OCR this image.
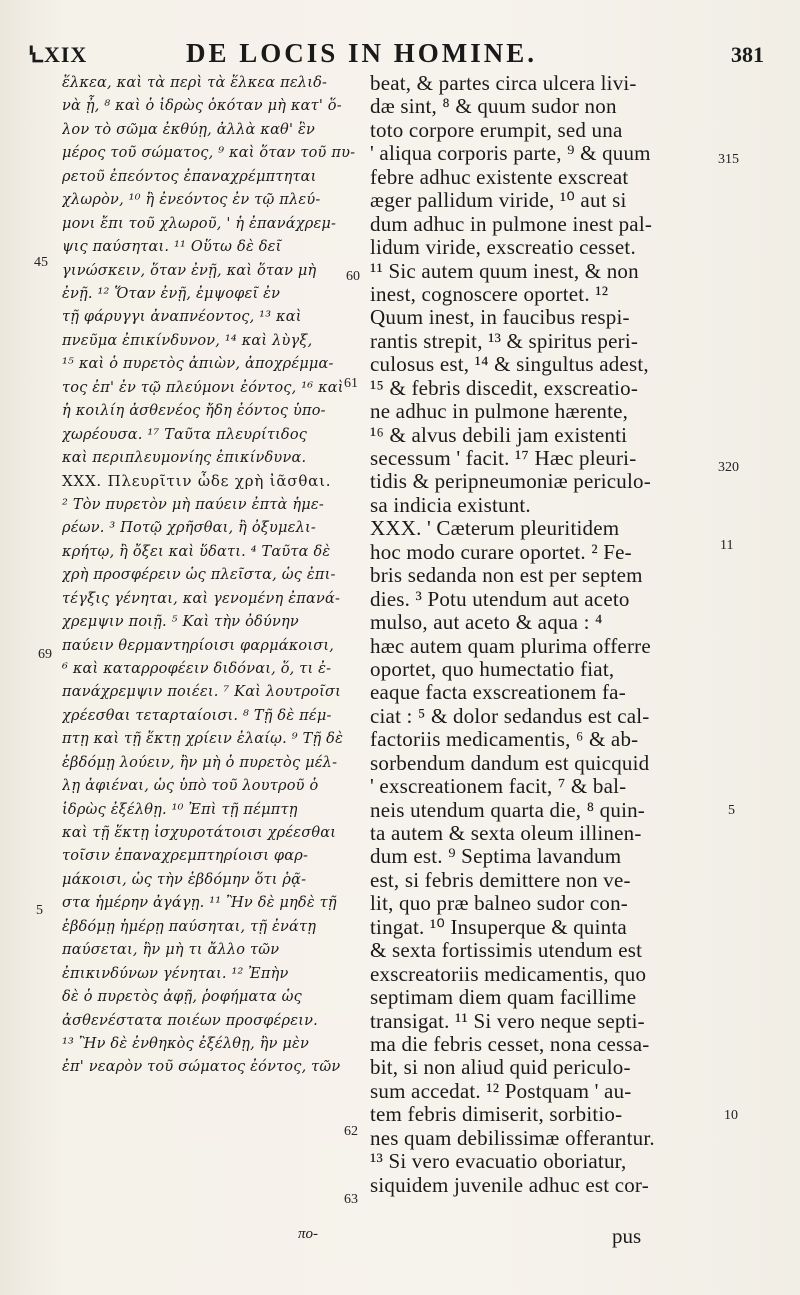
ꝆXIX	DE LOCIS IN HOMINE.	381
ἕλκεα, καὶ τὰ περὶ τὰ ἕλκεα πελιδ-
νὰ ᾖ, ⁸ καὶ ὁ ἱδρὼς ὁκόταν μὴ κατ' ὅ-
λον τὸ σῶμα ἐκθύῃ, ἀλλὰ καθ' ἓν
μέρος τοῦ σώματος, ⁹ καὶ ὅταν τοῦ πυ-
ρετοῦ ἐπεόντος ἐπαναχρέμπτηται
χλωρὸν, ¹⁰ ἢ ἐνεόντος ἐν τῷ πλεύ-
μονι ἔπι τοῦ χλωροῦ, ' ἡ ἐπανάχρεμ-
ψις παύσηται. ¹¹ Οὕτω δὲ δεῖ
γινώσκειν, ὅταν ἐνῇ, καὶ ὅταν μὴ
ἐνῇ. ¹² Ὅταν ἐνῇ, ἐμψοφεῖ ἐν
τῇ φάρυγγι ἀναπνέοντος, ¹³ καὶ
πνεῦμα ἐπικίνδυνον, ¹⁴ καὶ λὺγξ,
¹⁵ καὶ ὁ πυρετὸς ἀπιὼν, ἀποχρέμμα-
τος ἐπ' ἐν τῷ πλεύμονι ἐόντος, ¹⁶ καὶ
ἡ κοιλίη ἀσθενέος ἤδη ἐόντος ὑπο-
χωρέουσα. ¹⁷ Ταῦτα πλευρίτιδος
καὶ περιπλευμονίης ἐπικίνδυνα.
XXX. Πλευρῖτιν ὧδε χρὴ ἰᾶσθαι.
² Τὸν πυρετὸν μὴ παύειν ἐπτὰ ἡμε-
ρέων. ³ Ποτῷ χρῆσθαι, ἢ ὀξυμελι-
κρήτῳ, ἢ ὄξει καὶ ὕδατι. ⁴ Ταῦτα δὲ
χρὴ προσφέρειν ὡς πλεῖστα, ὡς ἐπι-
τέγξις γένηται, καὶ γενομένη ἐπανά-
χρεμψιν ποιῇ. ⁵ Καὶ τὴν ὀδύνην
παύειν θερμαντηρίοισι φαρμάκοισι,
⁶ καὶ καταρροφέειν διδόναι, ὅ, τι ἐ-
πανάχρεμψιν ποιέει. ⁷ Καὶ λουτροῖσι
χρέεσθαι τεταρταίοισι. ⁸ Τῇ δὲ πέμ-
πτῃ καὶ τῇ ἕκτῃ χρίειν ἐλαίῳ. ⁹ Τῇ δὲ
ἑβδόμῃ λούειν, ἢν μὴ ὁ πυρετὸς μέλ-
λῃ ἀφιέναι, ὡς ὑπὸ τοῦ λουτροῦ ὁ
ἱδρὼς ἐξέλθῃ. ¹⁰ Ἐπὶ τῇ πέμπτῃ
καὶ τῇ ἕκτῃ ἰσχυροτάτοισι χρέεσθαι
τοῖσιν ἐπαναχρεμπτηρίοισι φαρ-
μάκοισι, ὡς τὴν ἑβδόμην ὅτι ῥᾷ-
στα ἡμέρην ἀγάγῃ. ¹¹ Ἢν δὲ μηδὲ τῇ
ἑβδόμῃ ἡμέρῃ παύσηται, τῇ ἐνάτῃ
παύσεται, ἢν μὴ τι ἄλλο τῶν
ἐπικινδύνων γένηται. ¹² Ἐπὴν
δὲ ὁ πυρετὸς ἀφῇ, ῥοφήματα ὡς
ἀσθενέστατα ποιέων προσφέρειν.
¹³ Ἢν δὲ ἐνθηκὸς ἐξέλθῃ, ἢν μὲν
ἐπ' νεαρὸν τοῦ σώματος ἐόντος, τῶν
beat, & partes circa ulcera livi-
dæ sint, ⁸ & quum sudor non
toto corpore erumpit, sed una
' aliqua corporis parte, ⁹ & quum
febre adhuc existente exscreat
æger pallidum viride, ¹⁰ aut si
dum adhuc in pulmone inest pal-
lidum viride, exscreatio cesset.
¹¹ Sic autem quum inest, & non
inest, cognoscere oportet. ¹²
Quum inest, in faucibus respi-
rantis strepit, ¹³ & spiritus peri-
culosus est, ¹⁴ & singultus adest,
¹⁵ & febris discedit, exscreatio-
ne adhuc in pulmone hærente,
¹⁶ & alvus debili jam existenti
secessum ' facit. ¹⁷ Hæc pleuri-
tidis & peripneumoniæ periculo-
sa indicia existunt.
XXX. ' Cæterum pleuritidem
hoc modo curare oportet. ² Fe-
bris sedanda non est per septem
dies. ³ Potu utendum aut aceto
mulso, aut aceto & aqua : ⁴
hæc autem quam plurima offerre
oportet, quo humectatio fiat,
eaque facta exscreationem fa-
ciat : ⁵ & dolor sedandus est cal-
factoriis medicamentis, ⁶ & ab-
sorbendum dandum est quicquid
' exscreationem facit, ⁷ & bal-
neis utendum quarta die, ⁸ quin-
ta autem & sexta oleum illinen-
dum est. ⁹ Septima lavandum
est, si febris demittere non ve-
lit, quo præ balneo sudor con-
tingat. ¹⁰ Insuperque & quinta
& sexta fortissimis utendum est
exscreatoriis medicamentis, quo
septimam diem quam facillime
transigat. ¹¹ Si vero neque septi-
ma die febris cesset, nona cessa-
bit, si non aliud quid periculo-
sum accedat. ¹² Postquam ' au-
tem febris dimiserit, sorbitio-
nes quam debilissimæ offerantur.
¹³ Si vero evacuatio oboriatur,
siquidem juvenile adhuc est cor-
45
69
5
60
61
62
63
315
320
11
5
10
πο-	pus
